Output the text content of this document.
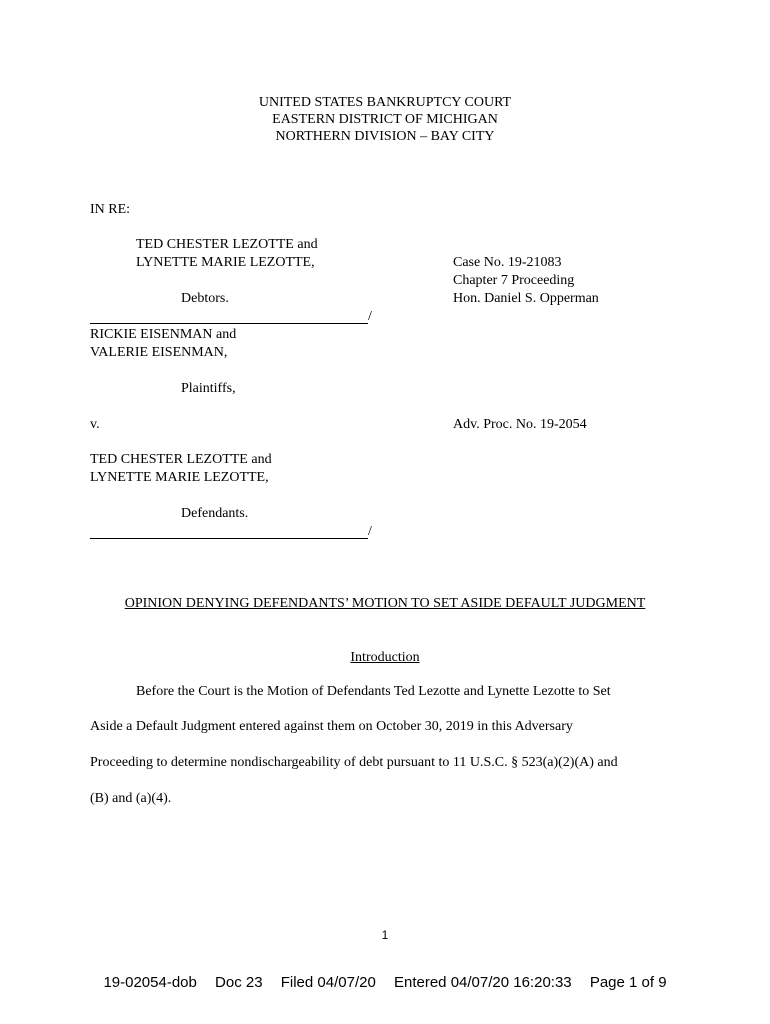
UNITED STATES BANKRUPTCY COURT
EASTERN DISTRICT OF MICHIGAN
NORTHERN DIVISION – BAY CITY
IN RE:
TED CHESTER LEZOTTE and
LYNETTE MARIE LEZOTTE,	Case No. 19-21083
Chapter 7 Proceeding
Hon. Daniel S. Opperman
Debtors.
/
RICKIE EISENMAN and
VALERIE EISENMAN,
Plaintiffs,
v.	Adv. Proc. No. 19-2054
TED CHESTER LEZOTTE and
LYNETTE MARIE LEZOTTE,
Defendants.
/
OPINION DENYING DEFENDANTS’ MOTION TO SET ASIDE DEFAULT JUDGMENT
Introduction
Before the Court is the Motion of Defendants Ted Lezotte and Lynette Lezotte to Set
Aside a Default Judgment entered against them on October 30, 2019 in this Adversary
Proceeding to determine nondischargeability of debt pursuant to 11 U.S.C. § 523(a)(2)(A) and
(B) and (a)(4).
1
19-02054-dob Doc 23 Filed 04/07/20 Entered 04/07/20 16:20:33 Page 1 of 9
